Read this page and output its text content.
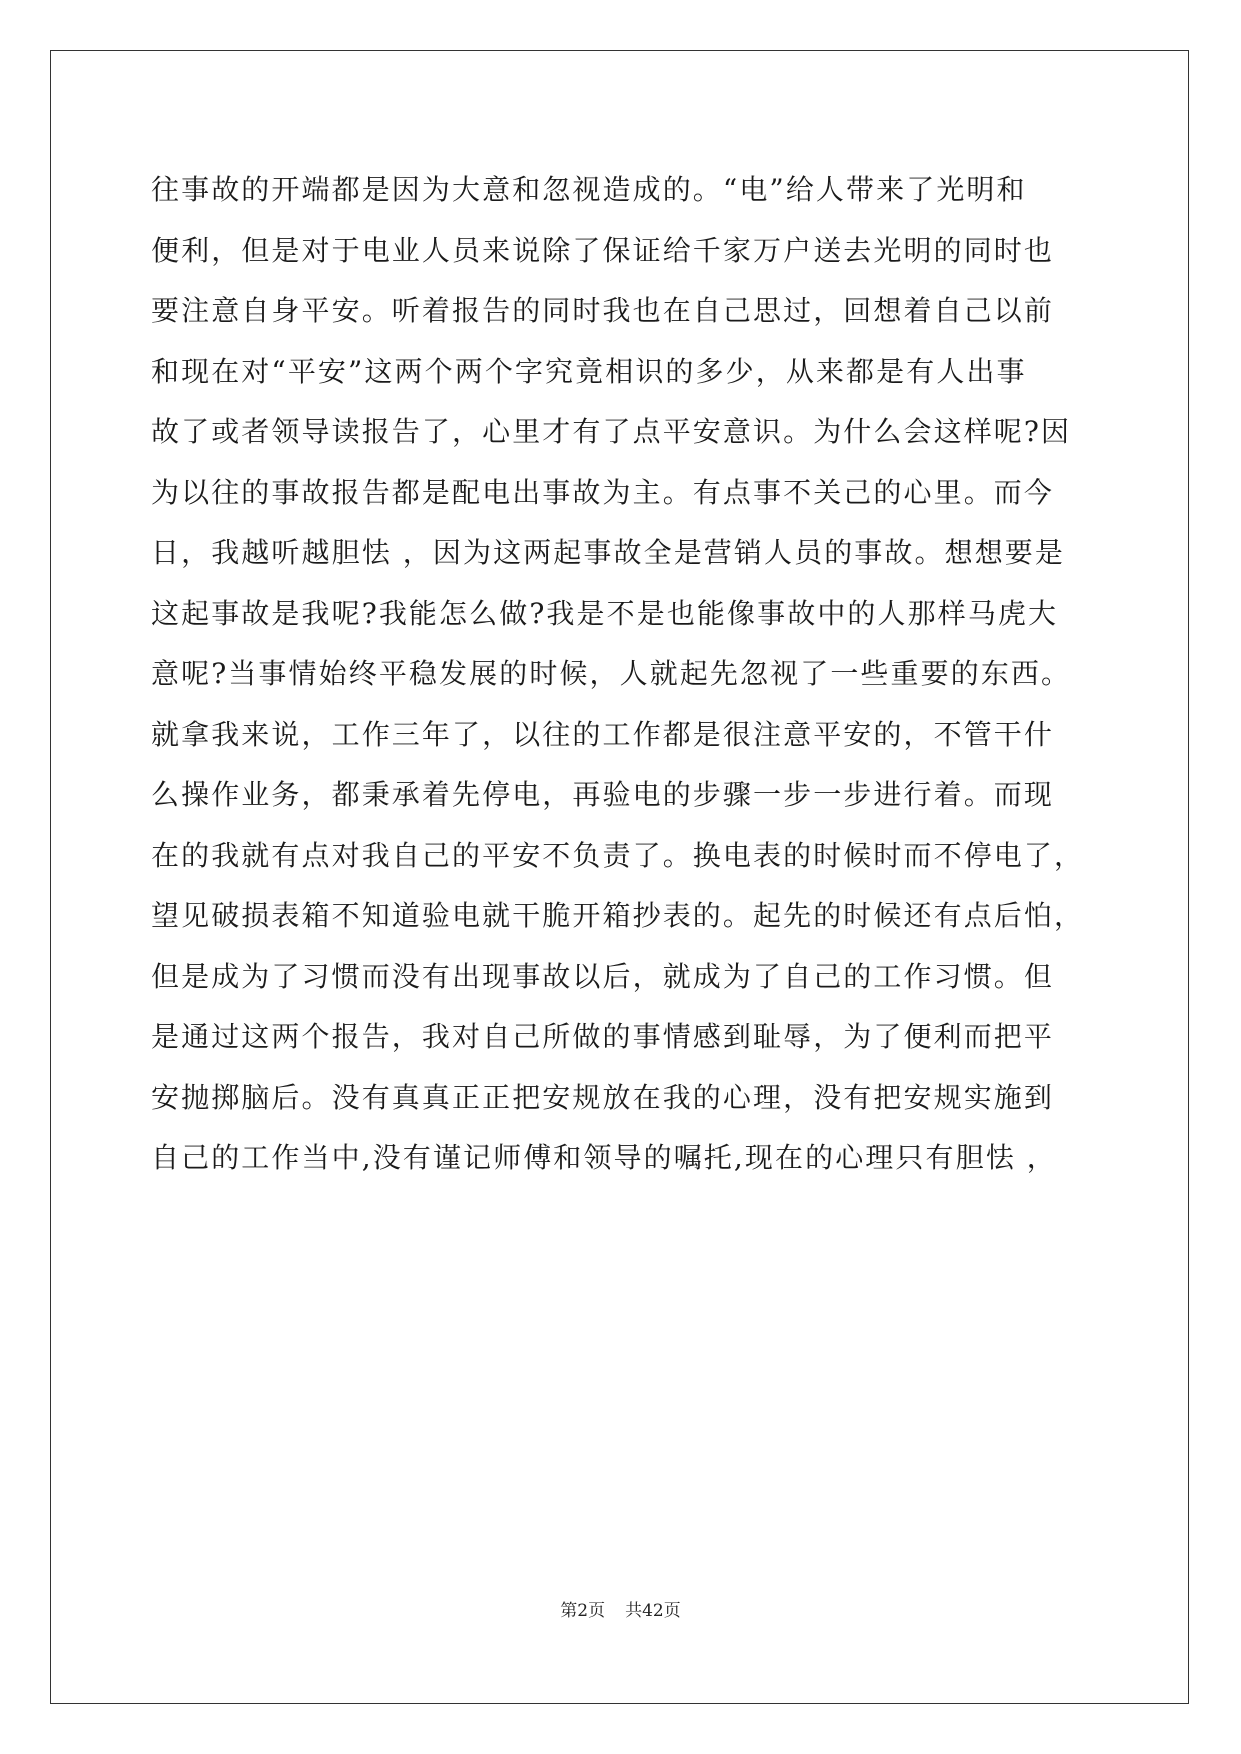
往事故的开端都是因为大意和忽视造成的。“电”给人带来了光明和
便利，但是对于电业人员来说除了保证给千家万户送去光明的同时也
要注意自身平安。听着报告的同时我也在自己思过，回想着自己以前
和现在对“平安”这两个两个字究竟相识的多少，从来都是有人出事
故了或者领导读报告了，心里才有了点平安意识。为什么会这样呢?因
为以往的事故报告都是配电出事故为主。有点事不关己的心里。而今
日，我越听越胆怯 ，因为这两起事故全是营销人员的事故。想想要是
这起事故是我呢?我能怎么做?我是不是也能像事故中的人那样马虎大
意呢?当事情始终平稳发展的时候，人就起先忽视了一些重要的东西。
就拿我来说，工作三年了，以往的工作都是很注意平安的，不管干什
么操作业务，都秉承着先停电，再验电的步骤一步一步进行着。而现
在的我就有点对我自己的平安不负责了。换电表的时候时而不停电了，
望见破损表箱不知道验电就干脆开箱抄表的。起先的时候还有点后怕，
但是成为了习惯而没有出现事故以后，就成为了自己的工作习惯。但
是通过这两个报告，我对自己所做的事情感到耻辱，为了便利而把平
安抛掷脑后。没有真真正正把安规放在我的心理，没有把安规实施到
自己的工作当中,没有谨记师傅和领导的嘱托,现在的心理只有胆怯 ，
第2页 共42页
